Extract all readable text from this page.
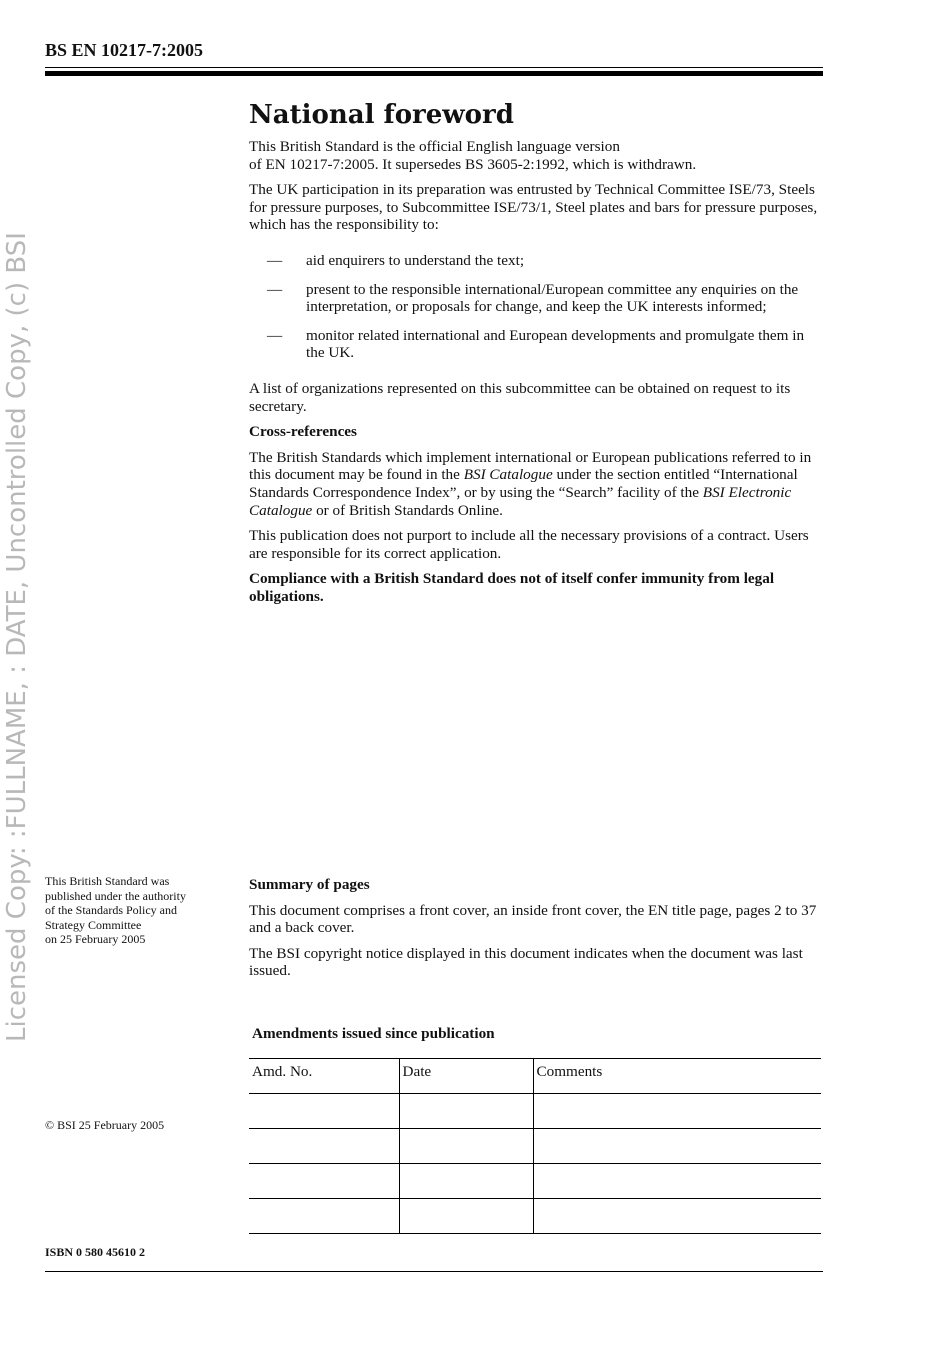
BS EN 10217-7:2005
Licensed Copy: :FULLNAME, : DATE, Uncontrolled Copy, (c) BSI
National foreword

This British Standard is the official English language version
of EN 10217-7:2005. It supersedes BS 3605-2:1992, which is withdrawn.

The UK participation in its preparation was entrusted by Technical Committee ISE/73, Steels for pressure purposes, to Subcommittee ISE/73/1, Steel plates and bars for pressure purposes, which has the responsibility to:

— aid enquirers to understand the text;
— present to the responsible international/European committee any enquiries on the interpretation, or proposals for change, and keep the UK interests informed;
— monitor related international and European developments and promulgate them in the UK.

A list of organizations represented on this subcommittee can be obtained on request to its secretary.

Cross-references

The British Standards which implement international or European publications referred to in this document may be found in the BSI Catalogue under the section entitled “International Standards Correspondence Index”, or by using the “Search” facility of the BSI Electronic Catalogue or of British Standards Online.

This publication does not purport to include all the necessary provisions of a contract. Users are responsible for its correct application.

Compliance with a British Standard does not of itself confer immunity from legal obligations.

This British Standard was
published under the authority
of the Standards Policy and
Strategy Committee
on 25 February 2005

Summary of pages

This document comprises a front cover, an inside front cover, the EN title page, pages 2 to 37 and a back cover.

The BSI copyright notice displayed in this document indicates when the document was last issued.

Amendments issued since publication
Amd. No.	Date	Comments

© BSI 25 February 2005
ISBN 0 580 45610 2
